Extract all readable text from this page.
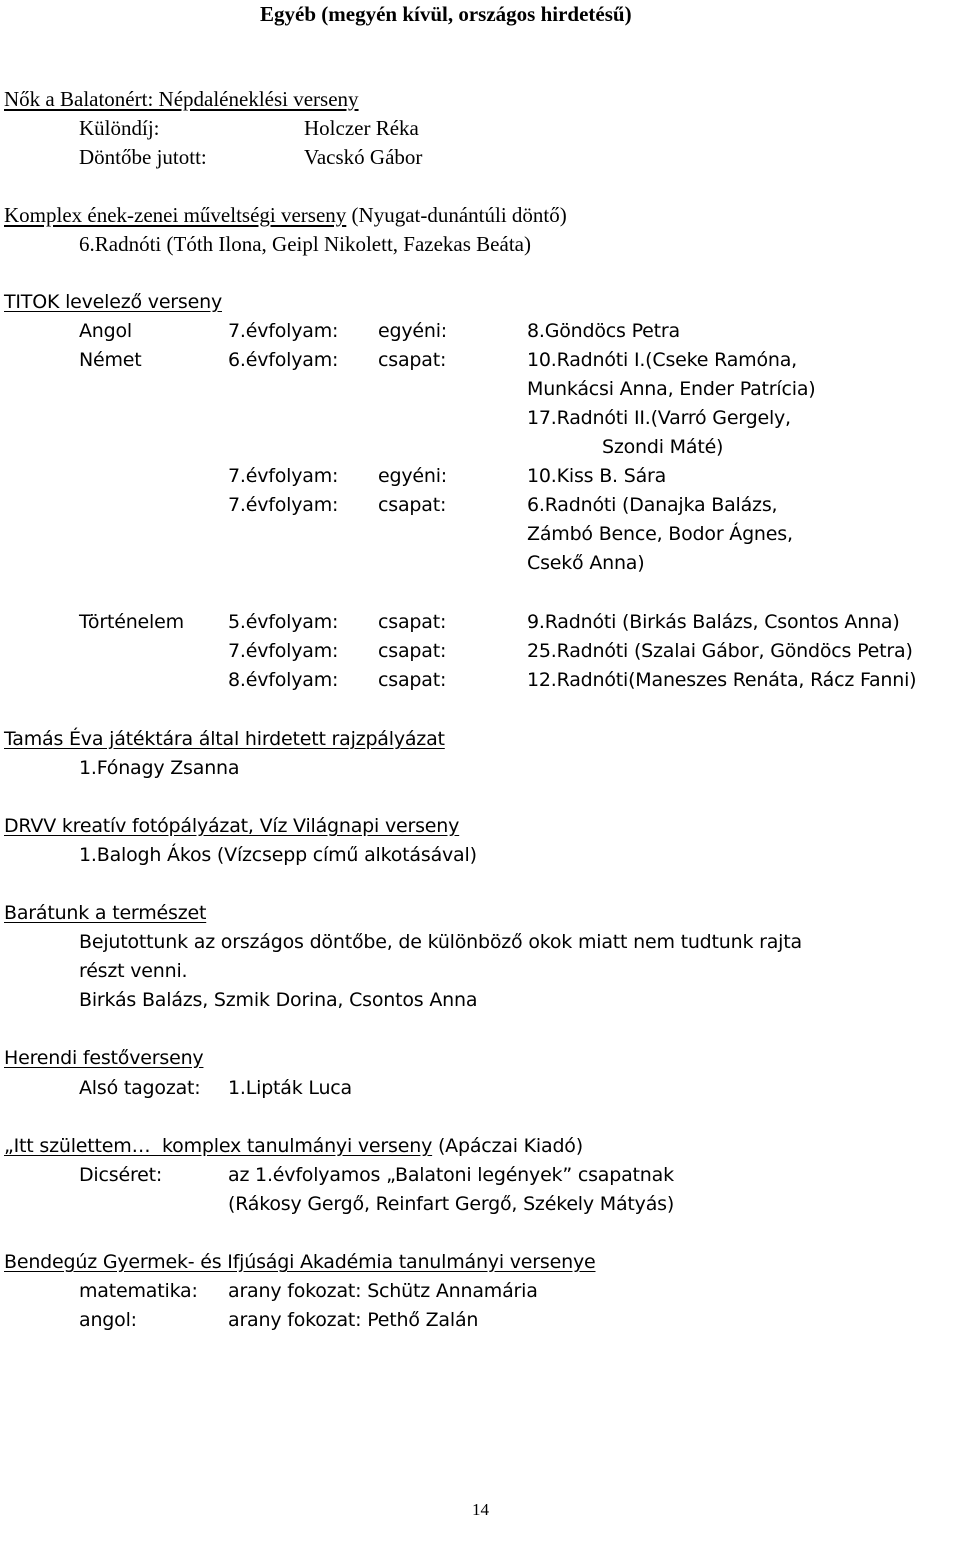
Egyéb (megyén kívül, országos hirdetésű)
Nők a Balatonért: Népdaléneklési verseny
Különdíj:	Holczer Réka
Döntőbe jutott:	Vacskó Gábor
Komplex ének-zenei műveltségi verseny (Nyugat-dunántúli döntő)
6.Radnóti (Tóth Ilona, Geipl Nikolett, Fazekas Beáta)
TITOK levelező verseny
Angol	7.évfolyam: egyéni:	8.Göndöcs Petra
Német	6.évfolyam: csapat:	10.Radnóti I.(Cseke Ramóna,
Munkácsi Anna, Ender Patrícia)
17.Radnóti II.(Varró Gergely,
Szondi Máté)
7.évfolyam: egyéni:	10.Kiss B. Sára
7.évfolyam: csapat:	6.Radnóti (Danajka Balázs,
Zámbó Bence, Bodor Ágnes,
Csekő Anna)
Történelem 5.évfolyam: csapat:	9.Radnóti (Birkás Balázs, Csontos Anna)
7.évfolyam: csapat:	25.Radnóti (Szalai Gábor, Göndöcs Petra)
8.évfolyam: csapat:	12.Radnóti(Maneszes Renáta, Rácz Fanni)
Tamás Éva játéktára által hirdetett rajzpályázat
1.Fónagy Zsanna
DRVV kreatív fotópályázat, Víz Világnapi verseny
1.Balogh Ákos (Vízcsepp című alkotásával)
Barátunk a természet
Bejutottunk az országos döntőbe, de különböző okok miatt nem tudtunk rajta
részt venni.
Birkás Balázs, Szmik Dorina, Csontos Anna
Herendi festőverseny
Alsó tagozat: 1.Lipták Luca
„Itt születtem…  komplex tanulmányi verseny (Apáczai Kiadó)
Dicséret:	az 1.évfolyamos „Balatoni legények” csapatnak
(Rákosy Gergő, Reinfart Gergő, Székely Mátyás)
Bendegúz Gyermek- és Ifjúsági Akadémia tanulmányi versenye
matematika: arany fokozat: Schütz Annamária
angol:	arany fokozat: Pethő Zalán
14
